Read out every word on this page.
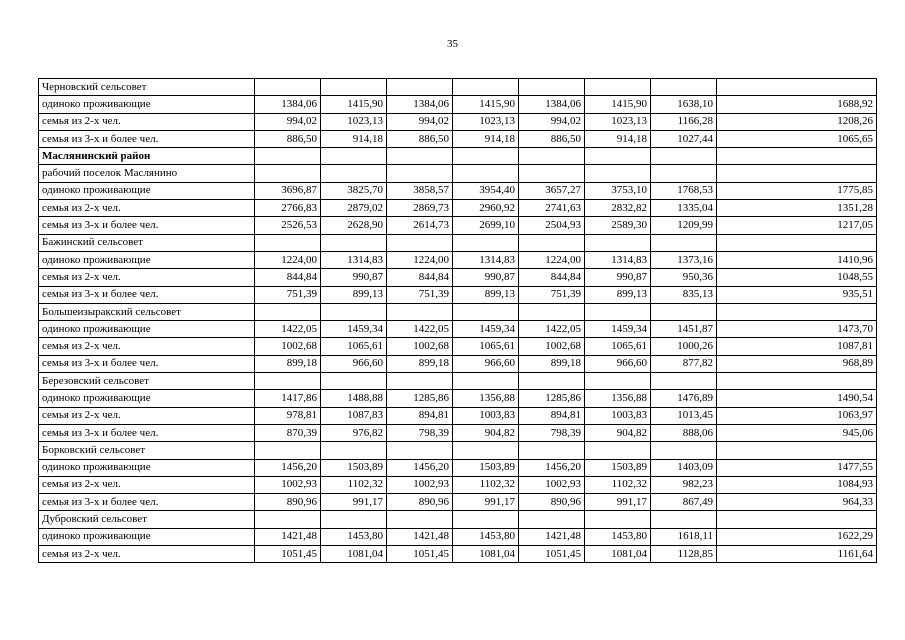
35
Черновский сельсовет								
одиноко проживающие	1384,06	1415,90	1384,06	1415,90	1384,06	1415,90	1638,10	1688,92
семья из 2-х чел.	994,02	1023,13	994,02	1023,13	994,02	1023,13	1166,28	1208,26
семья из 3-х и более чел.	886,50	914,18	886,50	914,18	886,50	914,18	1027,44	1065,65
Маслянинский район								
рабочий поселок Маслянино								
одиноко проживающие	3696,87	3825,70	3858,57	3954,40	3657,27	3753,10	1768,53	1775,85
семья из 2-х чел.	2766,83	2879,02	2869,73	2960,92	2741,63	2832,82	1335,04	1351,28
семья из 3-х и более чел.	2526,53	2628,90	2614,73	2699,10	2504,93	2589,30	1209,99	1217,05
Бажинский сельсовет								
одиноко проживающие	1224,00	1314,83	1224,00	1314,83	1224,00	1314,83	1373,16	1410,96
семья из 2-х чел.	844,84	990,87	844,84	990,87	844,84	990,87	950,36	1048,55
семья из 3-х и более чел.	751,39	899,13	751,39	899,13	751,39	899,13	835,13	935,51
Большеизыракский сельсовет								
одиноко проживающие	1422,05	1459,34	1422,05	1459,34	1422,05	1459,34	1451,87	1473,70
семья из 2-х чел.	1002,68	1065,61	1002,68	1065,61	1002,68	1065,61	1000,26	1087,81
семья из 3-х и более чел.	899,18	966,60	899,18	966,60	899,18	966,60	877,82	968,89
Березовский сельсовет								
одиноко проживающие	1417,86	1488,88	1285,86	1356,88	1285,86	1356,88	1476,89	1490,54
семья из 2-х чел.	978,81	1087,83	894,81	1003,83	894,81	1003,83	1013,45	1063,97
семья из 3-х и более чел.	870,39	976,82	798,39	904,82	798,39	904,82	888,06	945,06
Борковский сельсовет								
одиноко проживающие	1456,20	1503,89	1456,20	1503,89	1456,20	1503,89	1403,09	1477,55
семья из 2-х чел.	1002,93	1102,32	1002,93	1102,32	1002,93	1102,32	982,23	1084,93
семья из 3-х и более чел.	890,96	991,17	890,96	991,17	890,96	991,17	867,49	964,33
Дубровский сельсовет								
одиноко проживающие	1421,48	1453,80	1421,48	1453,80	1421,48	1453,80	1618,11	1622,29
семья из 2-х чел.	1051,45	1081,04	1051,45	1081,04	1051,45	1081,04	1128,85	1161,64
